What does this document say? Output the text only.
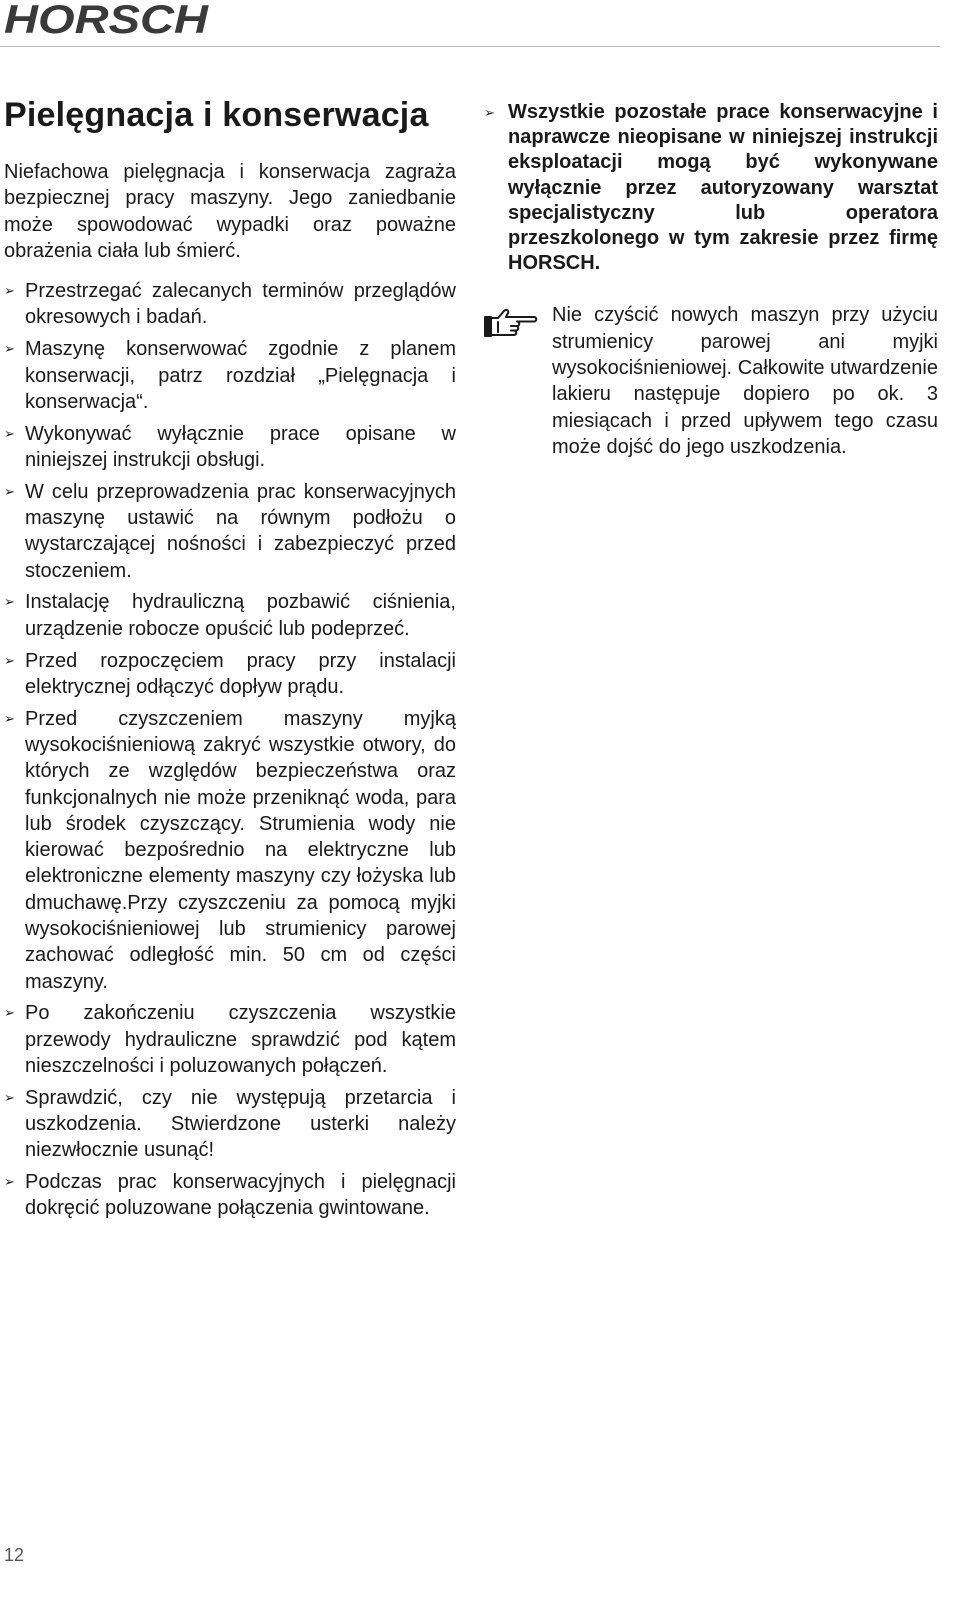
HORSCH
Pielęgnacja i konserwacja

Niefachowa pielęgnacja i konserwacja zagraża bezpiecznej pracy maszyny. Jego zaniedbanie może spowodować wypadki oraz poważne obrażenia ciała lub śmierć.

➢ Przestrzegać zalecanych terminów przeglądów okresowych i badań.
➢ Maszynę konserwować zgodnie z planem konserwacji, patrz rozdział „Pielęgnacja i konserwacja“.
➢ Wykonywać wyłącznie prace opisane w niniejszej instrukcji obsługi.
➢ W celu przeprowadzenia prac konserwacyjnych maszynę ustawić na równym podłożu o wystarczającej nośności i zabezpieczyć przed stoczeniem.
➢ Instalację hydrauliczną pozbawić ciśnienia, urządzenie robocze opuścić lub podeprzeć.
➢ Przed rozpoczęciem pracy przy instalacji elektrycznej odłączyć dopływ prądu.
➢ Przed czyszczeniem maszyny myjką wysokociśnieniową zakryć wszystkie otwory, do których ze względów bezpieczeństwa oraz funkcjonalnych nie może przeniknąć woda, para lub środek czyszczący. Strumienia wody nie kierować bezpośrednio na elektryczne lub elektroniczne elementy maszyny czy łożyska lub dmuchawę.Przy czyszczeniu za pomocą myjki wysokociśnieniowej lub strumienicy parowej zachować odległość min. 50 cm od części maszyny.
➢ Po zakończeniu czyszczenia wszystkie przewody hydrauliczne sprawdzić pod kątem nieszczelności i poluzowanych połączeń.
➢ Sprawdzić, czy nie występują przetarcia i uszkodzenia. Stwierdzone usterki należy niezwłocznie usunąć!
➢ Podczas prac konserwacyjnych i pielęgnacji dokręcić poluzowane połączenia gwintowane.
➢ Wszystkie pozostałe prace konserwacyjne i naprawcze nieopisane w niniejszej instrukcji eksploatacji mogą być wykonywane wyłącznie przez autoryzowany warsztat specjalistyczny lub operatora przeszkolonego w tym zakresie przez firmę HORSCH.
Nie czyścić nowych maszyn przy użyciu strumienicy parowej ani myjki wysokociśnieniowej. Całkowite utwardzenie lakieru następuje dopiero po ok. 3 miesiącach i przed upływem tego czasu może dojść do jego uszkodzenia.
12
